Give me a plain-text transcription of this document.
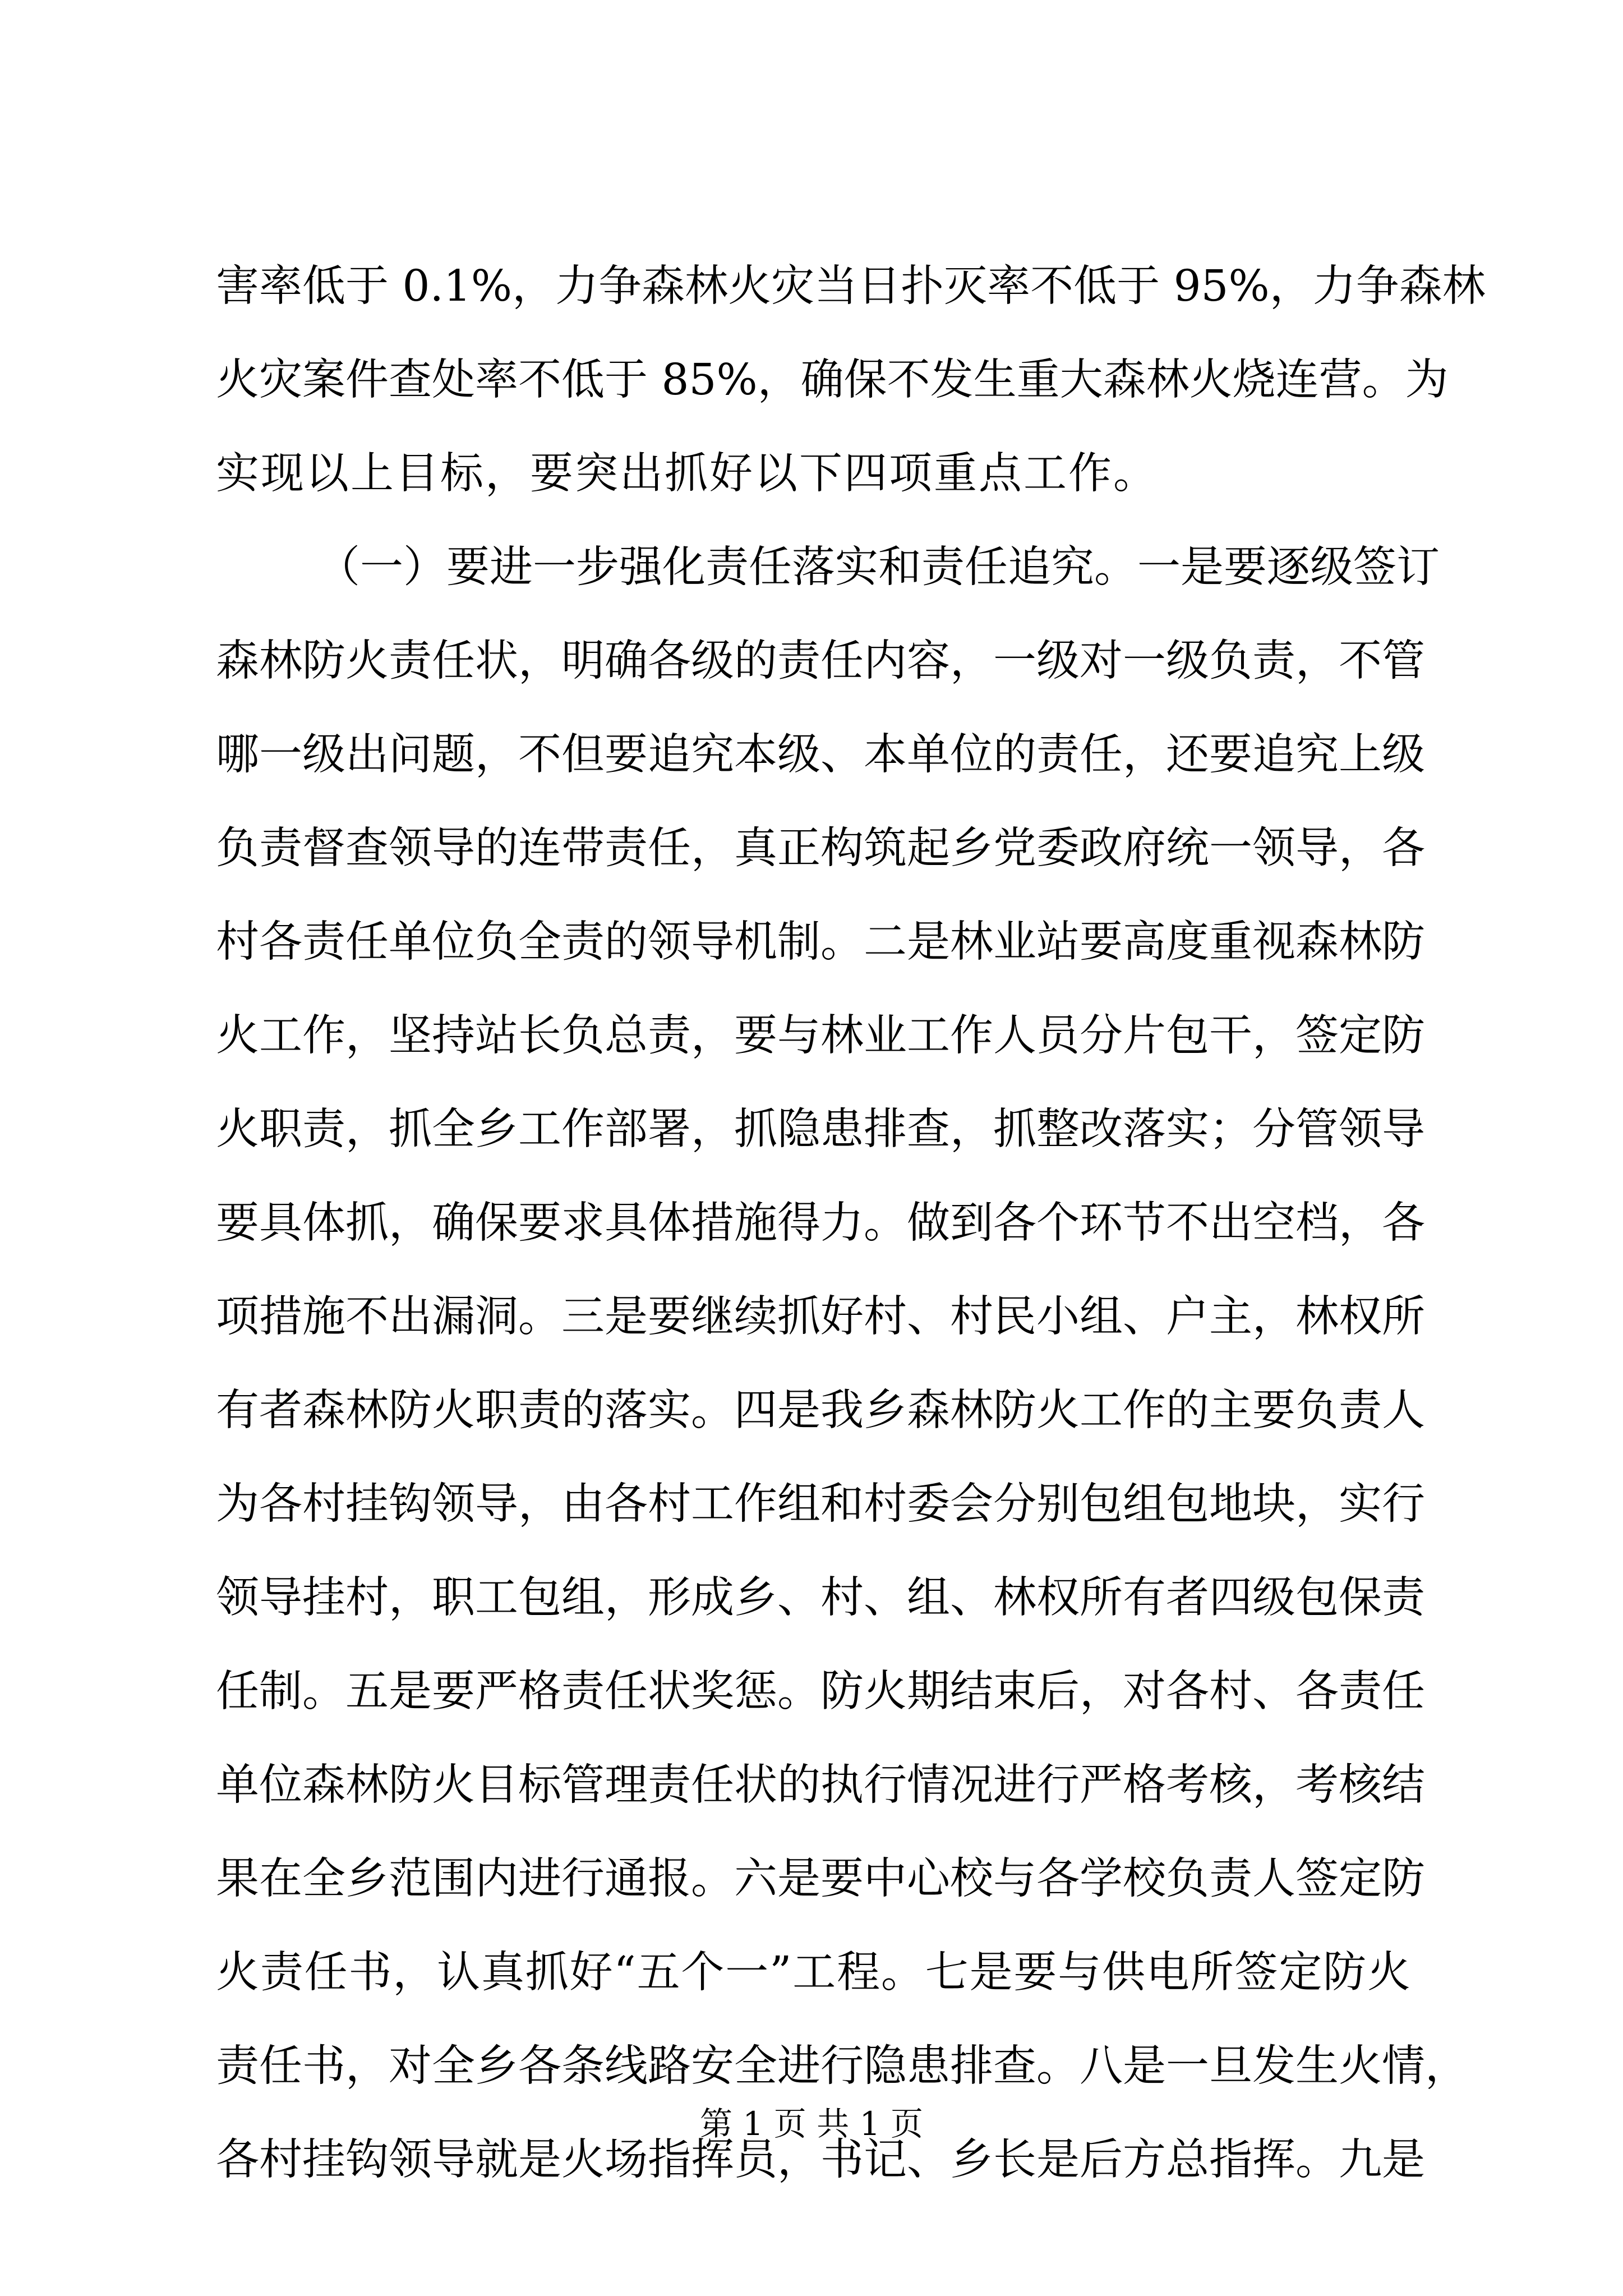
害率低于 0.1%，力争森林火灾当日扑灭率不低于 95%，力争森林
火灾案件查处率不低于 85%，确保不发生重大森林火烧连营。为
实现以上目标，要突出抓好以下四项重点工作。
（一）要进一步强化责任落实和责任追究。一是要逐级签订
森林防火责任状，明确各级的责任内容，一级对一级负责，不管
哪一级出问题，不但要追究本级、本单位的责任，还要追究上级
负责督查领导的连带责任，真正构筑起乡党委政府统一领导，各
村各责任单位负全责的领导机制。二是林业站要高度重视森林防
火工作，坚持站长负总责，要与林业工作人员分片包干，签定防
火职责，抓全乡工作部署，抓隐患排查，抓整改落实；分管领导
要具体抓，确保要求具体措施得力。做到各个环节不出空档，各
项措施不出漏洞。三是要继续抓好村、村民小组、户主，林权所
有者森林防火职责的落实。四是我乡森林防火工作的主要负责人
为各村挂钩领导，由各村工作组和村委会分别包组包地块，实行
领导挂村，职工包组，形成乡、村、组、林权所有者四级包保责
任制。五是要严格责任状奖惩。防火期结束后，对各村、各责任
单位森林防火目标管理责任状的执行情况进行严格考核，考核结
果在全乡范围内进行通报。六是要中心校与各学校负责人签定防
火责任书，认真抓好“五个一”工程。七是要与供电所签定防火
责任书，对全乡各条线路安全进行隐患排查。八是一旦发生火情，
各村挂钩领导就是火场指挥员，书记、乡长是后方总指挥。九是
第 1 页 共 1 页
